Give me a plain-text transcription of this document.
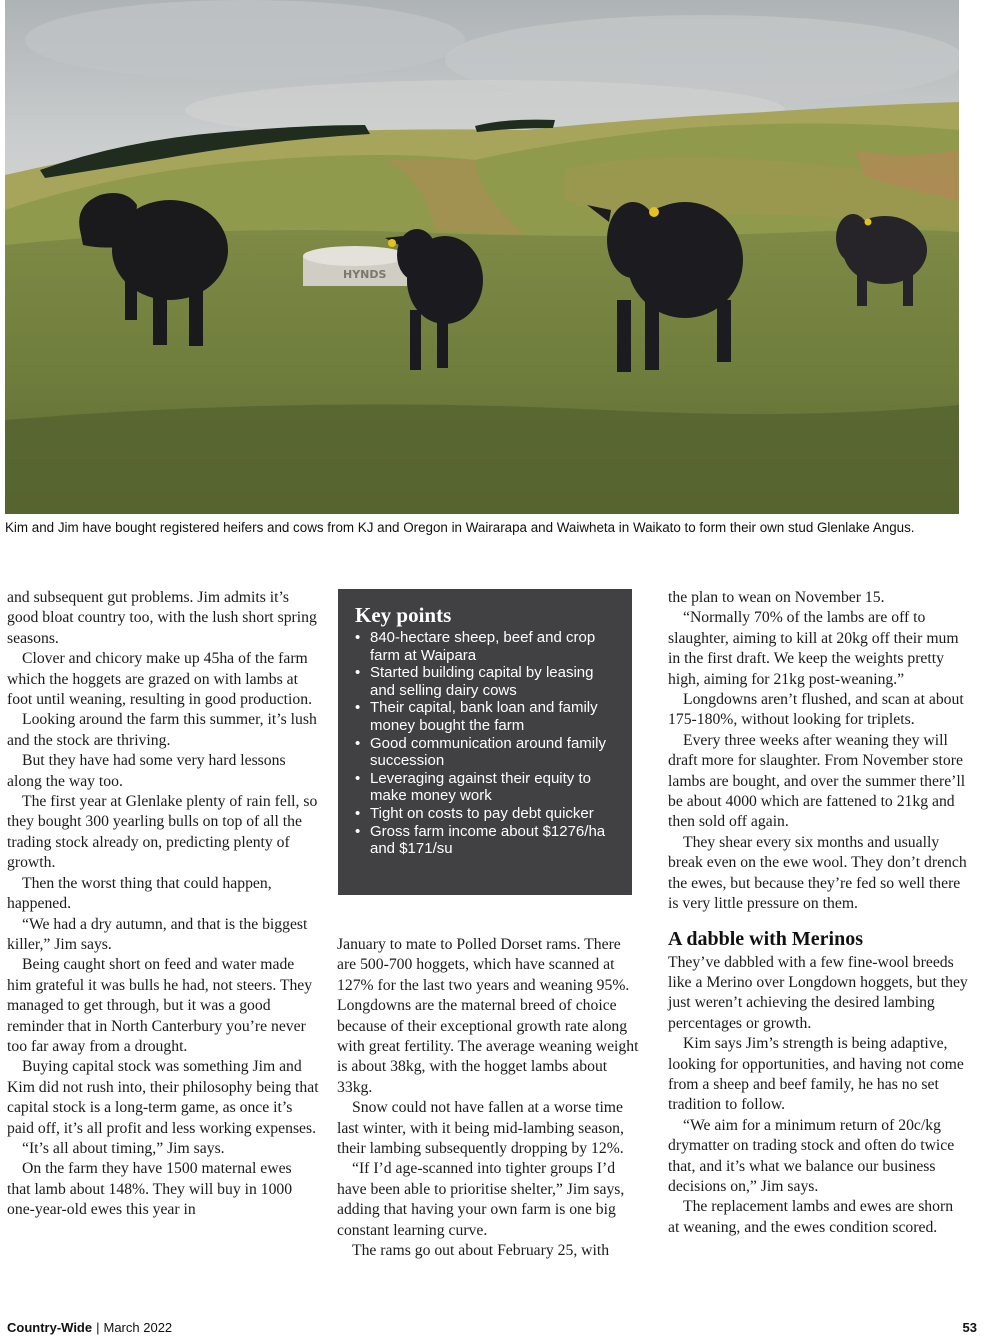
HYNDS

Kim and Jim have bought registered heifers and cows from KJ and Oregon in Wairarapa and Waiwheta in Waikato to form their own stud Glenlake Angus.

and subsequent gut problems. Jim admits it’s good bloat country too, with the lush short spring seasons.

Clover and chicory make up 45ha of the farm which the hoggets are grazed on with lambs at foot until weaning, resulting in good production.

Looking around the farm this summer, it’s lush and the stock are thriving.

But they have had some very hard lessons along the way too.

The first year at Glenlake plenty of rain fell, so they bought 300 yearling bulls on top of all the trading stock already on, predicting plenty of growth.

Then the worst thing that could happen, happened.

“We had a dry autumn, and that is the biggest killer,” Jim says.

Being caught short on feed and water made him grateful it was bulls he had, not steers. They managed to get through, but it was a good reminder that in North Canterbury you’re never too far away from a drought.

Buying capital stock was something Jim and Kim did not rush into, their philosophy being that capital stock is a long-term game, as once it’s paid off, it’s all profit and less working expenses.

“It’s all about timing,” Jim says.

On the farm they have 1500 maternal ewes that lamb about 148%. They will buy in 1000 one-year-old ewes this year in

Key points
• 840-hectare sheep, beef and crop farm at Waipara
• Started building capital by leasing and selling dairy cows
• Their capital, bank loan and family money bought the farm
• Good communication around family succession
• Leveraging against their equity to make money work
• Tight on costs to pay debt quicker
• Gross farm income about $1276/ha and $171/su

January to mate to Polled Dorset rams. There are 500-700 hoggets, which have scanned at 127% for the last two years and weaning 95%. Longdowns are the maternal breed of choice because of their exceptional growth rate along with great fertility. The average weaning weight is about 38kg, with the hogget lambs about 33kg.

Snow could not have fallen at a worse time last winter, with it being mid-lambing season, their lambing subsequently dropping by 12%.

“If I’d age-scanned into tighter groups I’d have been able to prioritise shelter,” Jim says, adding that having your own farm is one big constant learning curve.

The rams go out about February 25, with

the plan to wean on November 15.

“Normally 70% of the lambs are off to slaughter, aiming to kill at 20kg off their mum in the first draft. We keep the weights pretty high, aiming for 21kg post-weaning.”

Longdowns aren’t flushed, and scan at about 175-180%, without looking for triplets.

Every three weeks after weaning they will draft more for slaughter. From November store lambs are bought, and over the summer there’ll be about 4000 which are fattened to 21kg and then sold off again.

They shear every six months and usually break even on the ewe wool. They don’t drench the ewes, but because they’re fed so well there is very little pressure on them.

A dabble with Merinos

They’ve dabbled with a few fine-wool breeds like a Merino over Longdown hoggets, but they just weren’t achieving the desired lambing percentages or growth.

Kim says Jim’s strength is being adaptive, looking for opportunities, and having not come from a sheep and beef family, he has no set tradition to follow.

“We aim for a minimum return of 20c/kg drymatter on trading stock and often do twice that, and it’s what we balance our business decisions on,” Jim says.

The replacement lambs and ewes are shorn at weaning, and the ewes condition scored.

Country-Wide | March 2022	53
